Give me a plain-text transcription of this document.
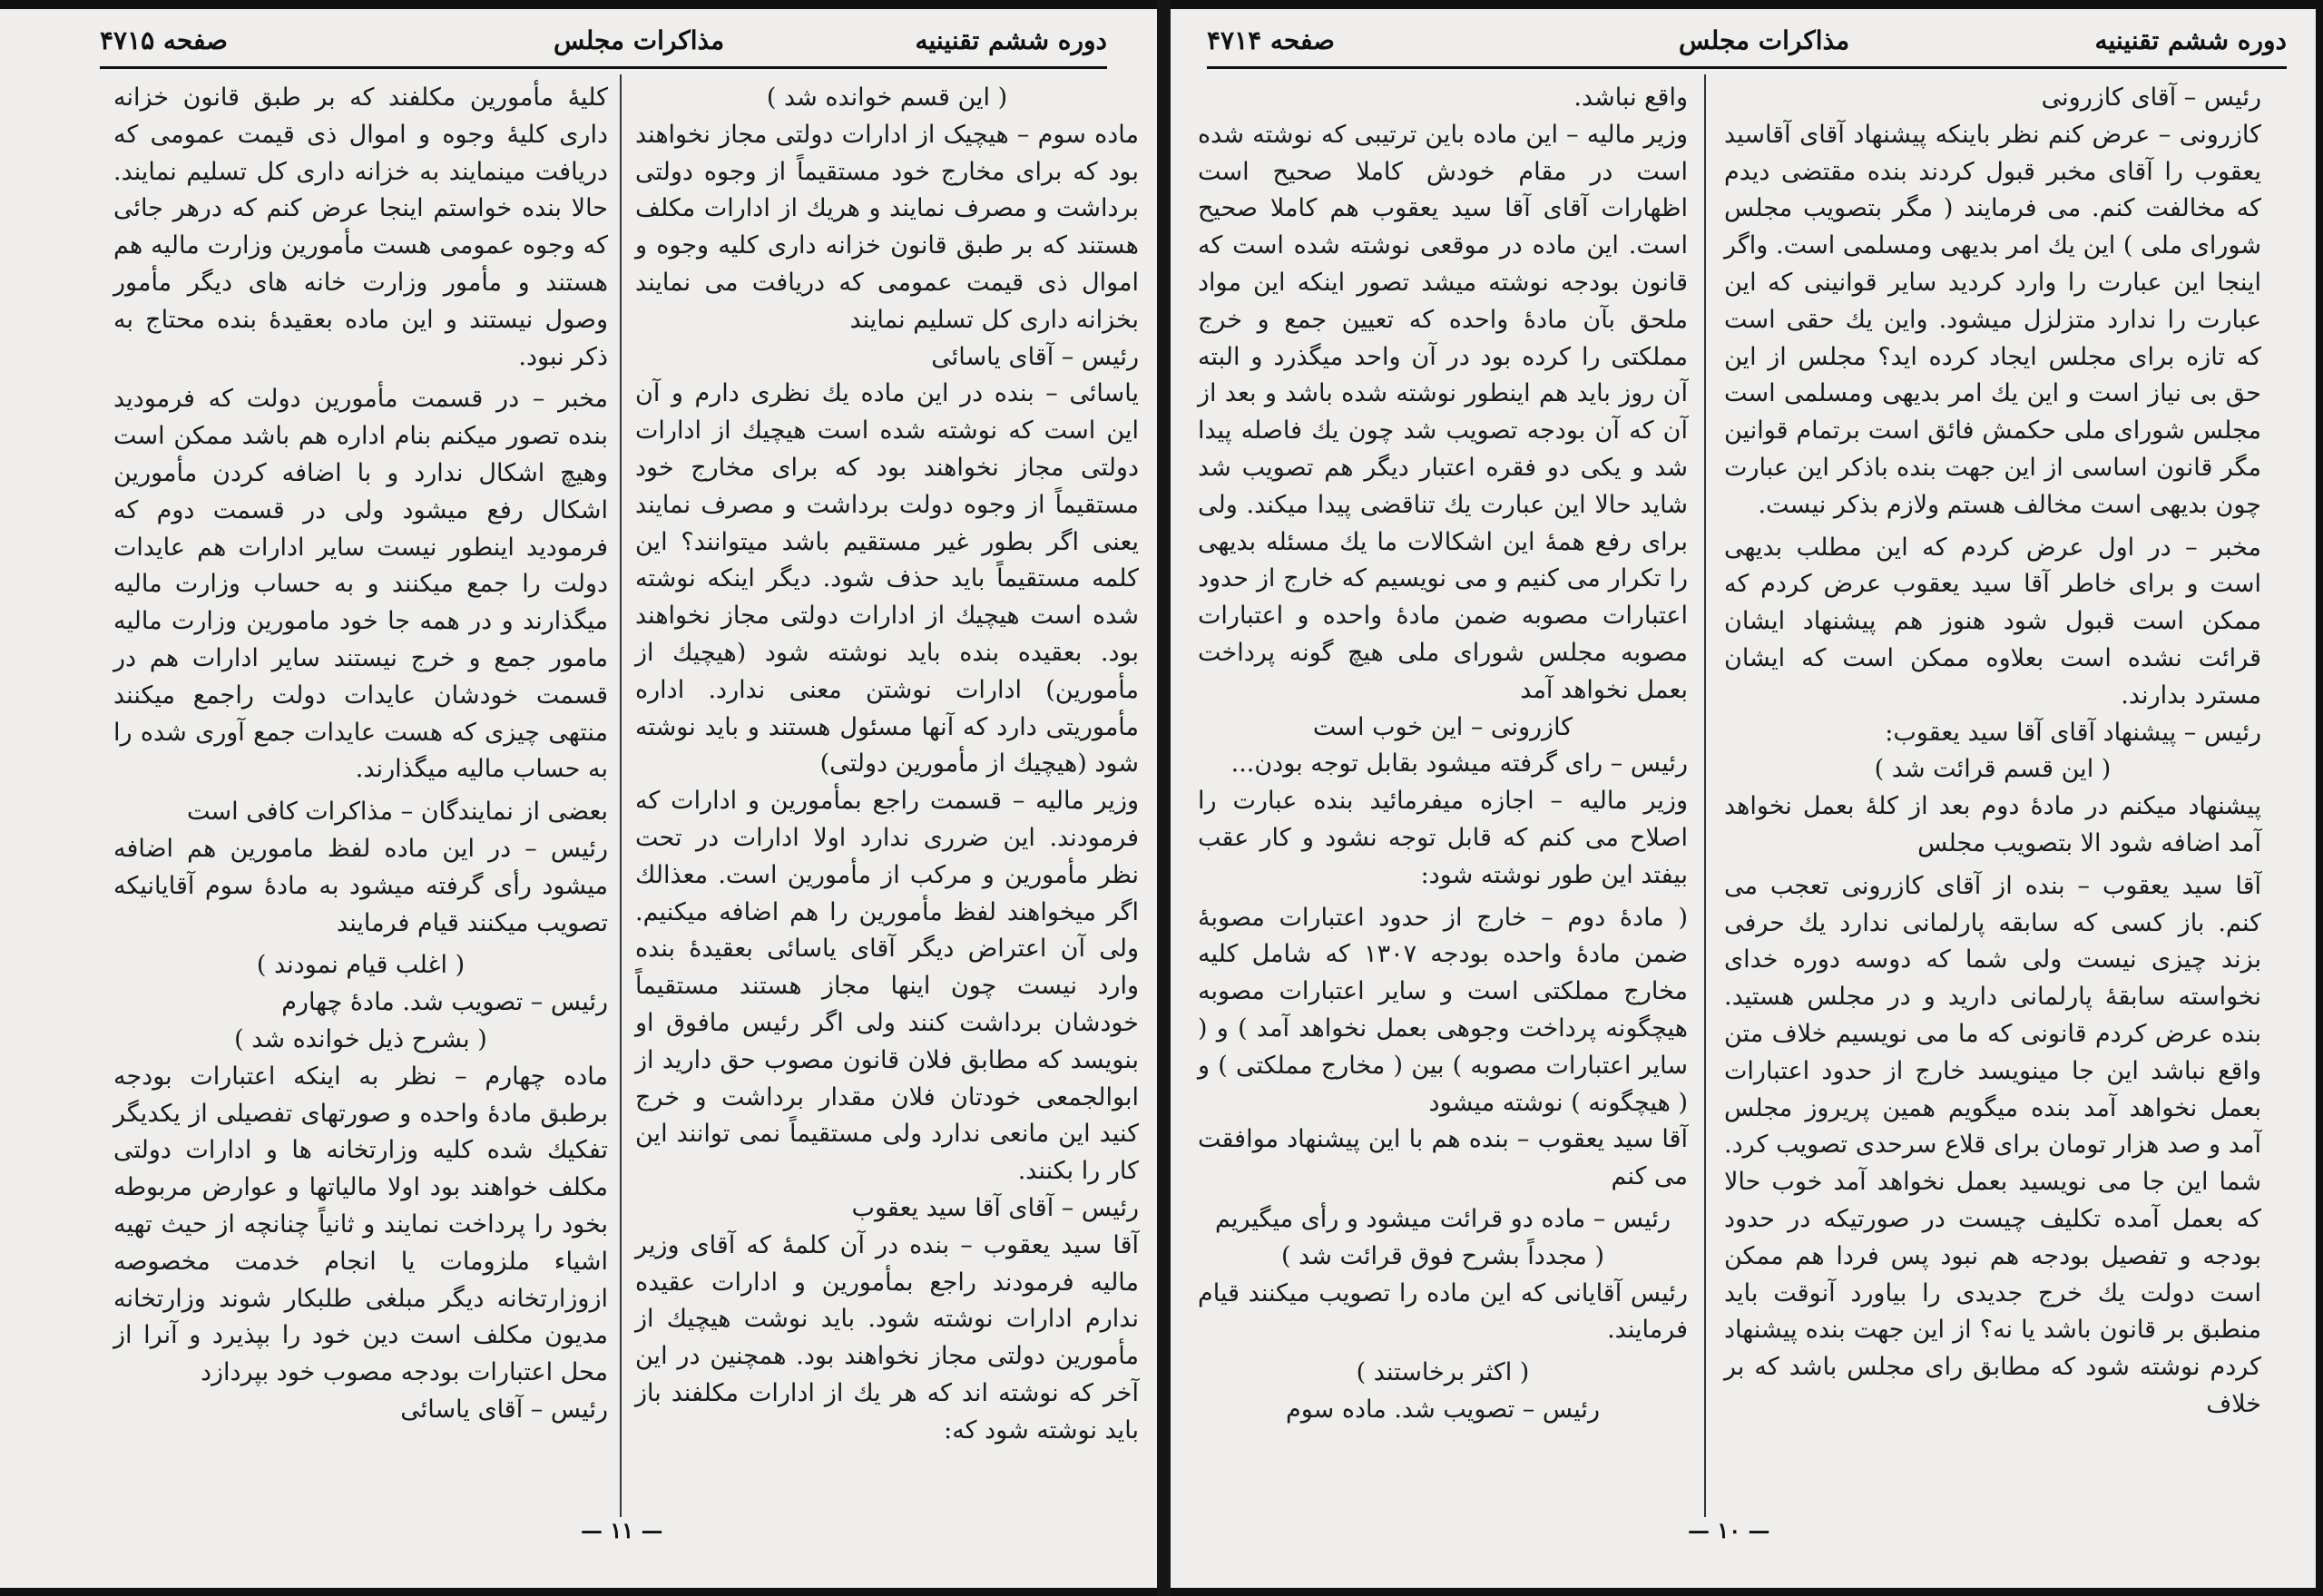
دوره ششم تقنینیه
مذاکرات مجلس
صفحه ۴۷۱۵

( این قسم خوانده شد )

ماده سوم – هیچیک از ادارات دولتی مجاز نخواهند بود که برای مخارج خود مستقیماً از وجوه دولتی برداشت و مصرف نمایند و هریك از ادارات مکلف هستند که بر طبق قانون خزانه داری کلیه وجوه و اموال ذی قیمت عمومی که دریافت می نمایند بخزانه داری کل تسلیم نمایند

رئیس – آقای یاسائی

یاسائی – بنده در این ماده یك نظری دارم و آن این است که نوشته شده است هیچیك از ادارات دولتی مجاز نخواهند بود که برای مخارج خود مستقیماً از وجوه دولت برداشت و مصرف نمایند یعنی اگر بطور غیر مستقیم باشد میتوانند؟ این کلمه مستقیماً باید حذف شود. دیگر اینکه نوشته شده است هیچیك از ادارات دولتی مجاز نخواهند بود. بعقیده بنده باید نوشته شود (هیچیك از مأمورین) ادارات نوشتن معنی ندارد. اداره مأموریتی دارد که آنها مسئول هستند و باید نوشته شود (هیچیك از مأمورین دولتی)

وزیر مالیه – قسمت راجع بمأمورین و ادارات که فرمودند. این ضرری ندارد اولا ادارات در تحت نظر مأمورین و مرکب از مأمورین است. معذالك اگر میخواهند لفظ مأمورین را هم اضافه میکنیم. ولی آن اعتراض دیگر آقای یاسائی بعقیدهٔ بنده وارد نیست چون اینها مجاز هستند مستقیماً خودشان برداشت کنند ولی اگر رئیس مافوق او بنویسد که مطابق فلان قانون مصوب حق دارید از ابوالجمعی خودتان فلان مقدار برداشت و خرج کنید این مانعی ندارد ولی مستقیماً نمی توانند این کار را بکنند.

رئیس – آقای آقا سید یعقوب

آقا سید یعقوب – بنده در آن کلمهٔ که آقای وزیر مالیه فرمودند راجع بمأمورین و ادارات عقیده ندارم ادارات نوشته شود. باید نوشت هیچیك از مأمورین دولتی مجاز نخواهند بود. همچنین در این آخر که نوشته اند که هر یك از ادارات مکلفند باز باید نوشته شود که:

کلیهٔ مأمورین مکلفند که بر طبق قانون خزانه داری کلیهٔ وجوه و اموال ذی قیمت عمومی که دریافت مینمایند به خزانه داری کل تسلیم نمایند. حالا بنده خواستم اینجا عرض کنم که درهر جائی که وجوه عمومی هست مأمورین وزارت مالیه هم هستند و مأمور وزارت خانه های دیگر مأمور وصول نیستند و این ماده بعقیدهٔ بنده محتاج به ذکر نبود.

مخبر – در قسمت مأمورین دولت که فرمودید بنده تصور میکنم بنام اداره هم باشد ممکن است وهیچ اشکال ندارد و با اضافه کردن مأمورین اشکال رفع میشود ولی در قسمت دوم که فرمودید اینطور نیست سایر ادارات هم عایدات دولت را جمع میکنند و به حساب وزارت مالیه میگذارند و در همه جا خود مامورین وزارت مالیه مامور جمع و خرج نیستند سایر ادارات هم در قسمت خودشان عایدات دولت راجمع میکنند منتهی چیزی که هست عایدات جمع آوری شده را به حساب مالیه میگذارند.

بعضی از نمایندگان – مذاکرات کافی است

رئیس – در این ماده لفظ مامورین هم اضافه میشود رأی گرفته میشود به مادهٔ سوم آقایانیکه تصویب میکنند قیام فرمایند

( اغلب قیام نمودند )

رئیس – تصویب شد. مادهٔ چهارم

( بشرح ذیل خوانده شد )

ماده چهارم – نظر به اینکه اعتبارات بودجه برطبق مادهٔ واحده و صورتهای تفصیلی از یکدیگر تفکیك شده کلیه وزارتخانه ها و ادارات دولتی مکلف خواهند بود اولا مالیاتها و عوارض مربوطه بخود را پرداخت نمایند و ثانیاً چنانچه از حیث تهیه اشیاء ملزومات یا انجام خدمت مخصوصه ازوزارتخانه دیگر مبلغی طلبکار شوند وزارتخانه مدیون مکلف است دین خود را بپذیرد و آنرا از محل اعتبارات بودجه مصوب خود بپردازد

رئیس – آقای یاسائی

— ۱۱ —
دوره ششم تقنینیه
مذاکرات مجلس
صفحه ۴۷۱۴

رئیس – آقای کازرونی

کازرونی – عرض کنم نظر باینکه پیشنهاد آقای آقاسید یعقوب را آقای مخبر قبول کردند بنده مقتضی دیدم که مخالفت کنم. می فرمایند ( مگر بتصویب مجلس شورای ملی ) این یك امر بدیهی ومسلمی است. واگر اینجا این عبارت را وارد کردید سایر قوانینی که این عبارت را ندارد متزلزل میشود. واین یك حقی است که تازه برای مجلس ایجاد کرده اید؟ مجلس از این حق بی نیاز است و این یك امر بدیهی ومسلمی است مجلس شورای ملی حکمش فائق است برتمام قوانین مگر قانون اساسی از این جهت بنده باذکر این عبارت چون بدیهی است مخالف هستم ولازم بذکر نیست.

مخبر – در اول عرض کردم که این مطلب بدیهی است و برای خاطر آقا سید یعقوب عرض کردم که ممکن است قبول شود هنوز هم پیشنهاد ایشان قرائت نشده است بعلاوه ممکن است که ایشان مسترد بدارند.

رئیس – پیشنهاد آقای آقا سید یعقوب:

( این قسم قرائت شد )

پیشنهاد میکنم در مادهٔ دوم بعد از کلهٔ بعمل نخواهد آمد اضافه شود الا بتصویب مجلس

آقا سید یعقوب – بنده از آقای کازرونی تعجب می کنم. باز کسی که سابقه پارلمانی ندارد یك حرفی بزند چیزی نیست ولی شما که دوسه دوره خدای نخواسته سابقهٔ پارلمانی دارید و در مجلس هستید. بنده عرض کردم قانونی که ما می نویسیم خلاف متن واقع نباشد این جا مینویسد خارج از حدود اعتبارات بعمل نخواهد آمد بنده میگویم همین پریروز مجلس آمد و صد هزار تومان برای قلاع سرحدی تصویب کرد. شما این جا می نویسید بعمل نخواهد آمد خوب حالا که بعمل آمده تکلیف چیست در صورتیکه در حدود بودجه و تفصیل بودجه هم نبود پس فردا هم ممکن است دولت یك خرج جدیدی را بیاورد آنوقت باید منطبق بر قانون باشد یا نه؟ از این جهت بنده پیشنهاد کردم نوشته شود که مطابق رای مجلس باشد که بر خلاف

واقع نباشد.

وزیر مالیه – این ماده باین ترتیبی که نوشته شده است در مقام خودش کاملا صحیح است اظهارات آقای آقا سید یعقوب هم کاملا صحیح است. این ماده در موقعی نوشته شده است که قانون بودجه نوشته میشد تصور اینکه این مواد ملحق بآن مادهٔ واحده که تعیین جمع و خرج مملکتی را کرده بود در آن واحد میگذرد و البته آن روز باید هم اینطور نوشته شده باشد و بعد از آن که آن بودجه تصویب شد چون یك فاصله پیدا شد و یکی دو فقره اعتبار دیگر هم تصویب شد شاید حالا این عبارت یك تناقضی پیدا میکند. ولی برای رفع همهٔ این اشکالات ما یك مسئله بدیهی را تکرار می کنیم و می نویسیم که خارج از حدود اعتبارات مصوبه ضمن مادهٔ واحده و اعتبارات مصوبه مجلس شورای ملی هیچ گونه پرداخت بعمل نخواهد آمد

کازرونی – این خوب است

رئیس – رای گرفته میشود بقابل توجه بودن...

وزیر مالیه – اجازه میفرمائید بنده عبارت را اصلاح می کنم که قابل توجه نشود و کار عقب بیفتد این طور نوشته شود:

( مادهٔ دوم – خارج از حدود اعتبارات مصوبهٔ ضمن مادهٔ واحده بودجه ۱۳۰۷ که شامل کلیه مخارج مملکتی است و سایر اعتبارات مصوبه هیچگونه پرداخت وجوهی بعمل نخواهد آمد ) و ( سایر اعتبارات مصوبه ) بین ( مخارج مملکتی ) و ( هیچگونه ) نوشته میشود

آقا سید یعقوب – بنده هم با این پیشنهاد موافقت می کنم

رئیس – ماده دو قرائت میشود و رأی میگیریم

( مجدداً بشرح فوق قرائت شد )

رئیس آقایانی که این ماده را تصویب میکنند قیام فرمایند.

( اکثر برخاستند )

رئیس – تصویب شد. ماده سوم

— ۱۰ —
